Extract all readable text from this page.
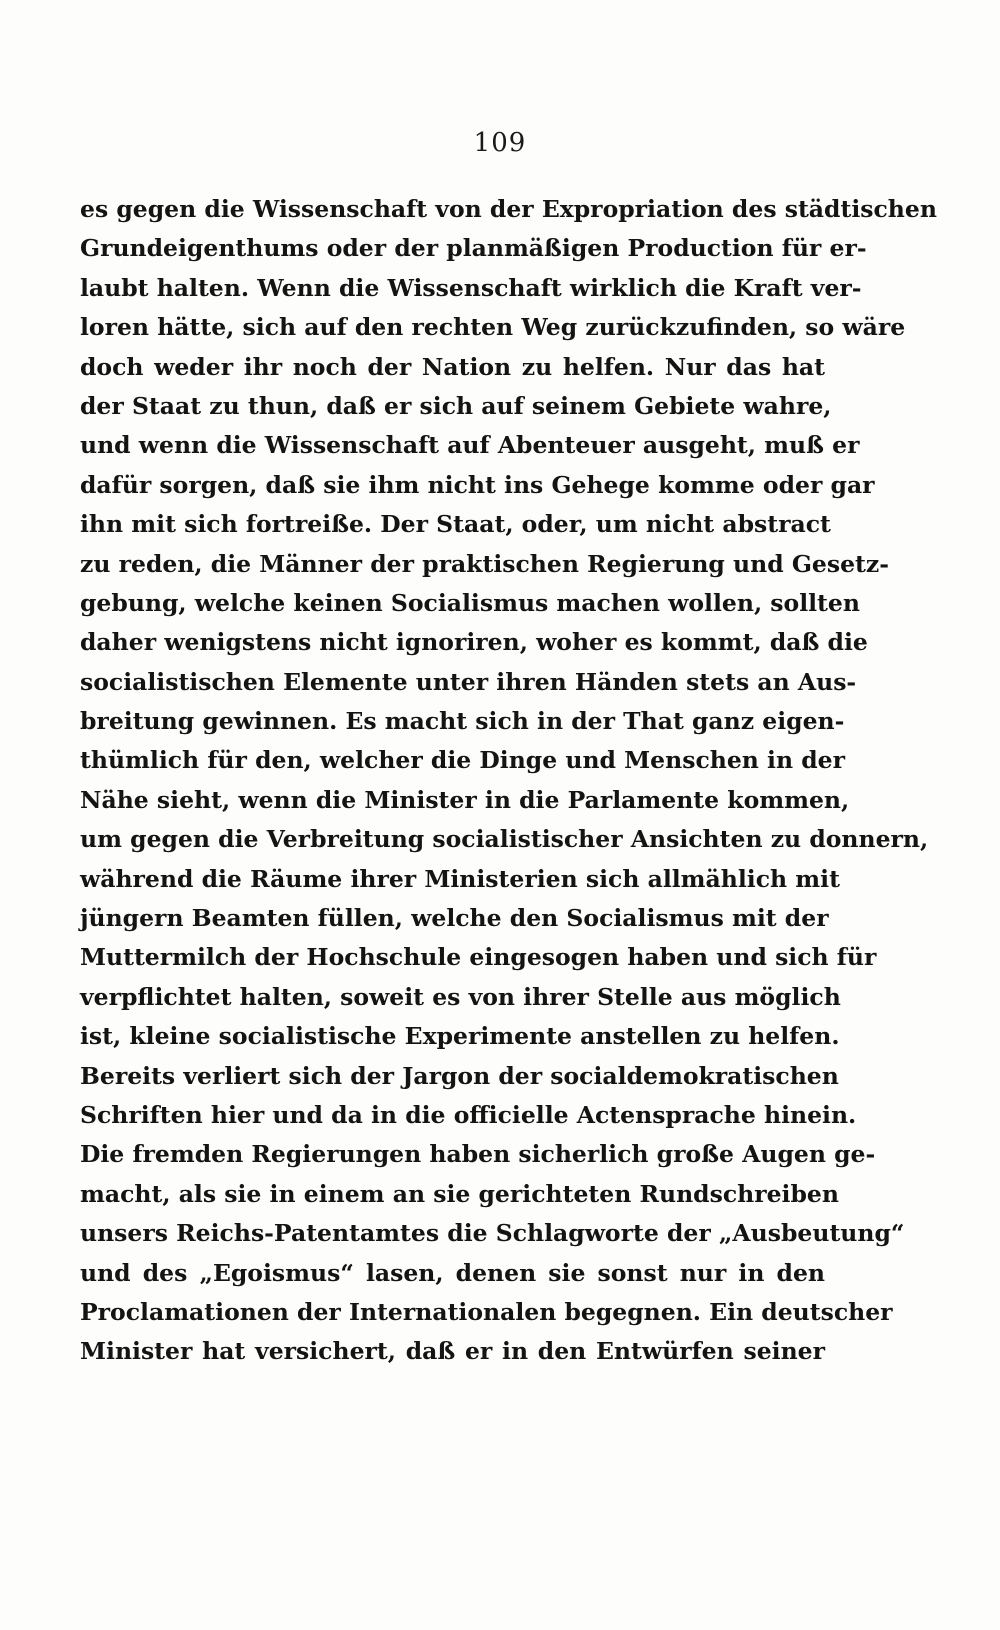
109
es gegen die Wissenschaft von der Expropriation des städtischen
Grundeigenthums oder der planmäßigen Production für er-
laubt halten. Wenn die Wissenschaft wirklich die Kraft ver-
loren hätte, sich auf den rechten Weg zurückzufinden, so wäre
doch weder ihr noch der Nation zu helfen. Nur das hat
der Staat zu thun, daß er sich auf seinem Gebiete wahre,
und wenn die Wissenschaft auf Abenteuer ausgeht, muß er
dafür sorgen, daß sie ihm nicht ins Gehege komme oder gar
ihn mit sich fortreiße. Der Staat, oder, um nicht abstract
zu reden, die Männer der praktischen Regierung und Gesetz-
gebung, welche keinen Socialismus machen wollen, sollten
daher wenigstens nicht ignoriren, woher es kommt, daß die
socialistischen Elemente unter ihren Händen stets an Aus-
breitung gewinnen. Es macht sich in der That ganz eigen-
thümlich für den, welcher die Dinge und Menschen in der
Nähe sieht, wenn die Minister in die Parlamente kommen,
um gegen die Verbreitung socialistischer Ansichten zu donnern,
während die Räume ihrer Ministerien sich allmählich mit
jüngern Beamten füllen, welche den Socialismus mit der
Muttermilch der Hochschule eingesogen haben und sich für
verpflichtet halten, soweit es von ihrer Stelle aus möglich
ist, kleine socialistische Experimente anstellen zu helfen.
Bereits verliert sich der Jargon der socialdemokratischen
Schriften hier und da in die officielle Actensprache hinein.
Die fremden Regierungen haben sicherlich große Augen ge-
macht, als sie in einem an sie gerichteten Rundschreiben
unsers Reichs-Patentamtes die Schlagworte der „Ausbeutung“
und des „Egoismus“ lasen, denen sie sonst nur in den
Proclamationen der Internationalen begegnen. Ein deutscher
Minister hat versichert, daß er in den Entwürfen seiner
